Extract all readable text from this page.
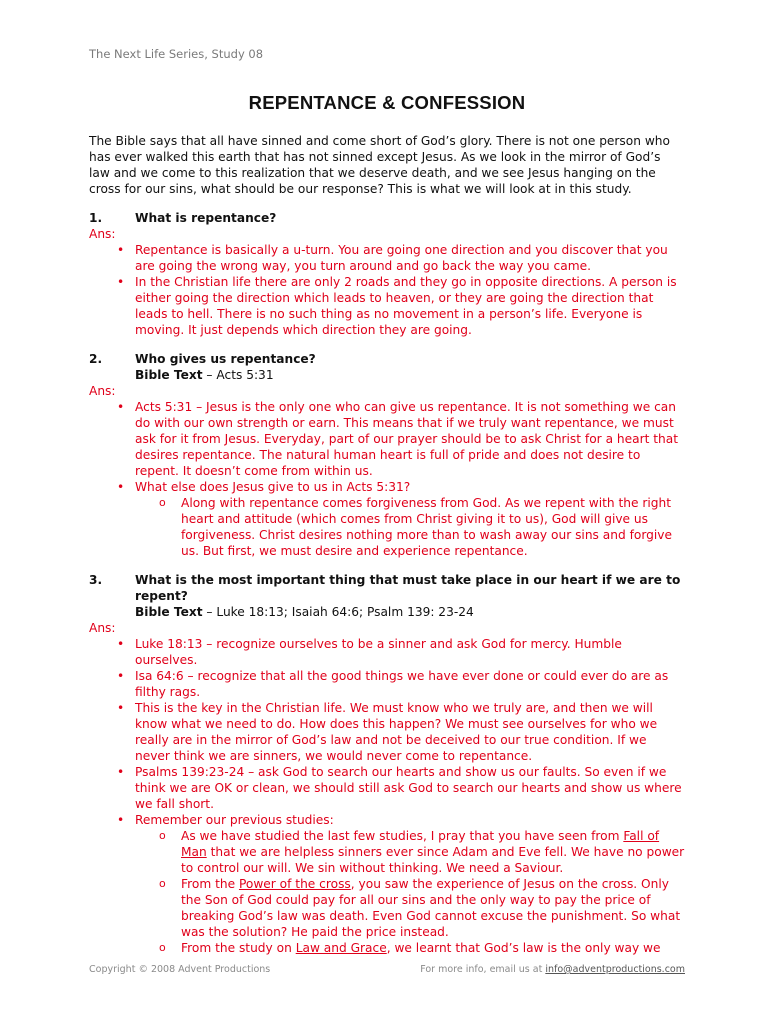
The Next Life Series, Study 08
REPENTANCE & CONFESSION

The Bible says that all have sinned and come short of God’s glory. There is not one person who has ever walked this earth that has not sinned except Jesus. As we look in the mirror of God’s law and we come to this realization that we deserve death, and we see Jesus hanging on the cross for our sins, what should be our response? This is what we will look at in this study.

1.	What is repentance?
Ans:
• Repentance is basically a u-turn. You are going one direction and you discover that you are going the wrong way, you turn around and go back the way you came.
• In the Christian life there are only 2 roads and they go in opposite directions. A person is either going the direction which leads to heaven, or they are going the direction that leads to hell. There is no such thing as no movement in a person’s life. Everyone is moving. It just depends which direction they are going.
2.	Who gives us repentance?
Bible Text – Acts 5:31
Ans:
• Acts 5:31 – Jesus is the only one who can give us repentance. It is not something we can do with our own strength or earn. This means that if we truly want repentance, we must ask for it from Jesus. Everyday, part of our prayer should be to ask Christ for a heart that desires repentance. The natural human heart is full of pride and does not desire to repent. It doesn’t come from within us.
• What else does Jesus give to us in Acts 5:31?
o Along with repentance comes forgiveness from God. As we repent with the right heart and attitude (which comes from Christ giving it to us), God will give us forgiveness. Christ desires nothing more than to wash away our sins and forgive us. But first, we must desire and experience repentance.
3.	What is the most important thing that must take place in our heart if we are to repent?
Bible Text – Luke 18:13; Isaiah 64:6; Psalm 139: 23-24
Ans:
• Luke 18:13 – recognize ourselves to be a sinner and ask God for mercy. Humble ourselves.
• Isa 64:6 – recognize that all the good things we have ever done or could ever do are as filthy rags.
• This is the key in the Christian life. We must know who we truly are, and then we will know what we need to do. How does this happen? We must see ourselves for who we really are in the mirror of God’s law and not be deceived to our true condition. If we never think we are sinners, we would never come to repentance.
• Psalms 139:23-24 – ask God to search our hearts and show us our faults. So even if we think we are OK or clean, we should still ask God to search our hearts and show us where we fall short.
• Remember our previous studies:
o As we have studied the last few studies, I pray that you have seen from Fall of Man that we are helpless sinners ever since Adam and Eve fell. We have no power to control our will. We sin without thinking. We need a Saviour.
o From the Power of the cross, you saw the experience of Jesus on the cross. Only the Son of God could pay for all our sins and the only way to pay the price of breaking God’s law was death. Even God cannot excuse the punishment. So what was the solution? He paid the price instead.
o From the study on Law and Grace, we learnt that God’s law is the only way we
Copyright © 2008 Advent Productions	For more info, email us at info@adventproductions.com
